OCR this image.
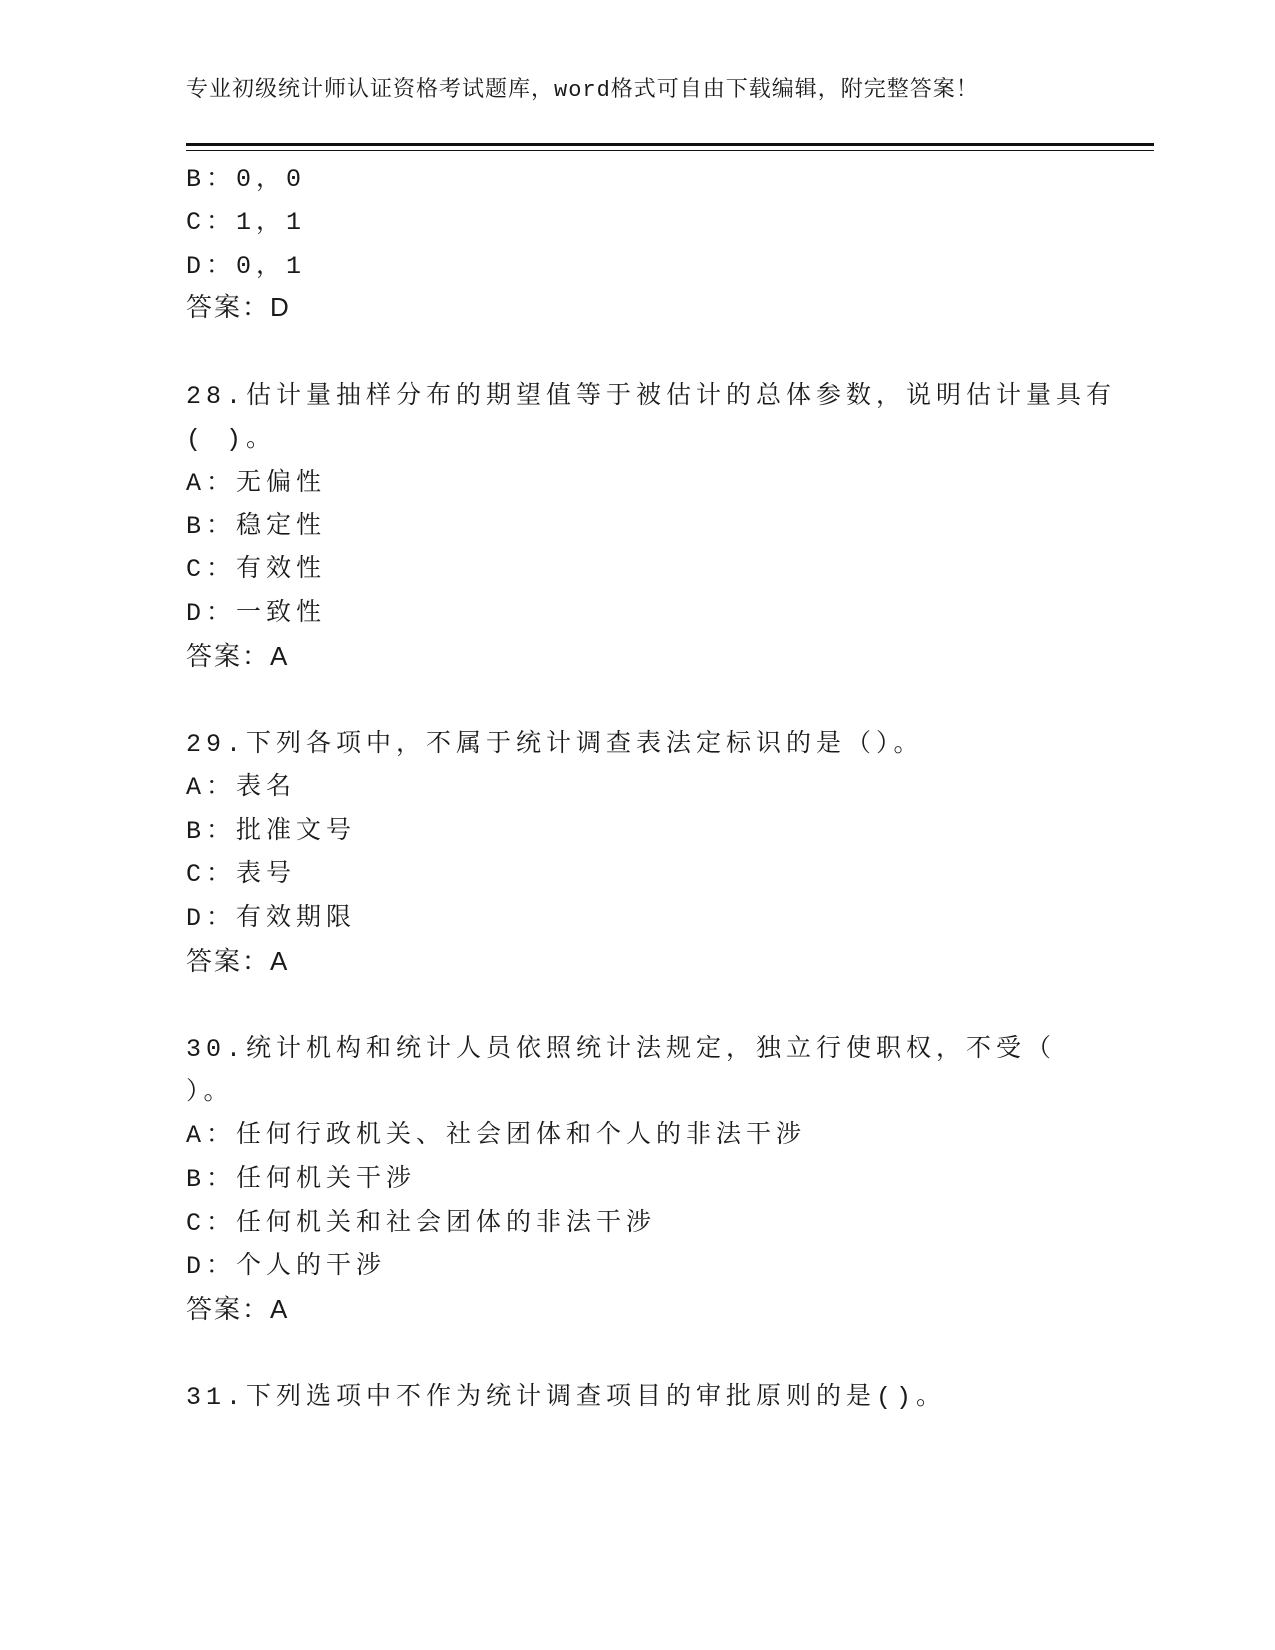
专业初级统计师认证资格考试题库，word格式可自由下载编辑，附完整答案！
B：0，0
C：1，1
D：0，1
答案：D
28.估计量抽样分布的期望值等于被估计的总体参数，说明估计量具有
( )。
A：无偏性
B：稳定性
C：有效性
D：一致性
答案：A
29.下列各项中，不属于统计调查表法定标识的是（）。
A：表名
B：批准文号
C：表号
D：有效期限
答案：A
30.统计机构和统计人员依照统计法规定，独立行使职权，不受（
）。
A：任何行政机关、社会团体和个人的非法干涉
B：任何机关干涉
C：任何机关和社会团体的非法干涉
D：个人的干涉
答案：A
31.下列选项中不作为统计调查项目的审批原则的是()。
